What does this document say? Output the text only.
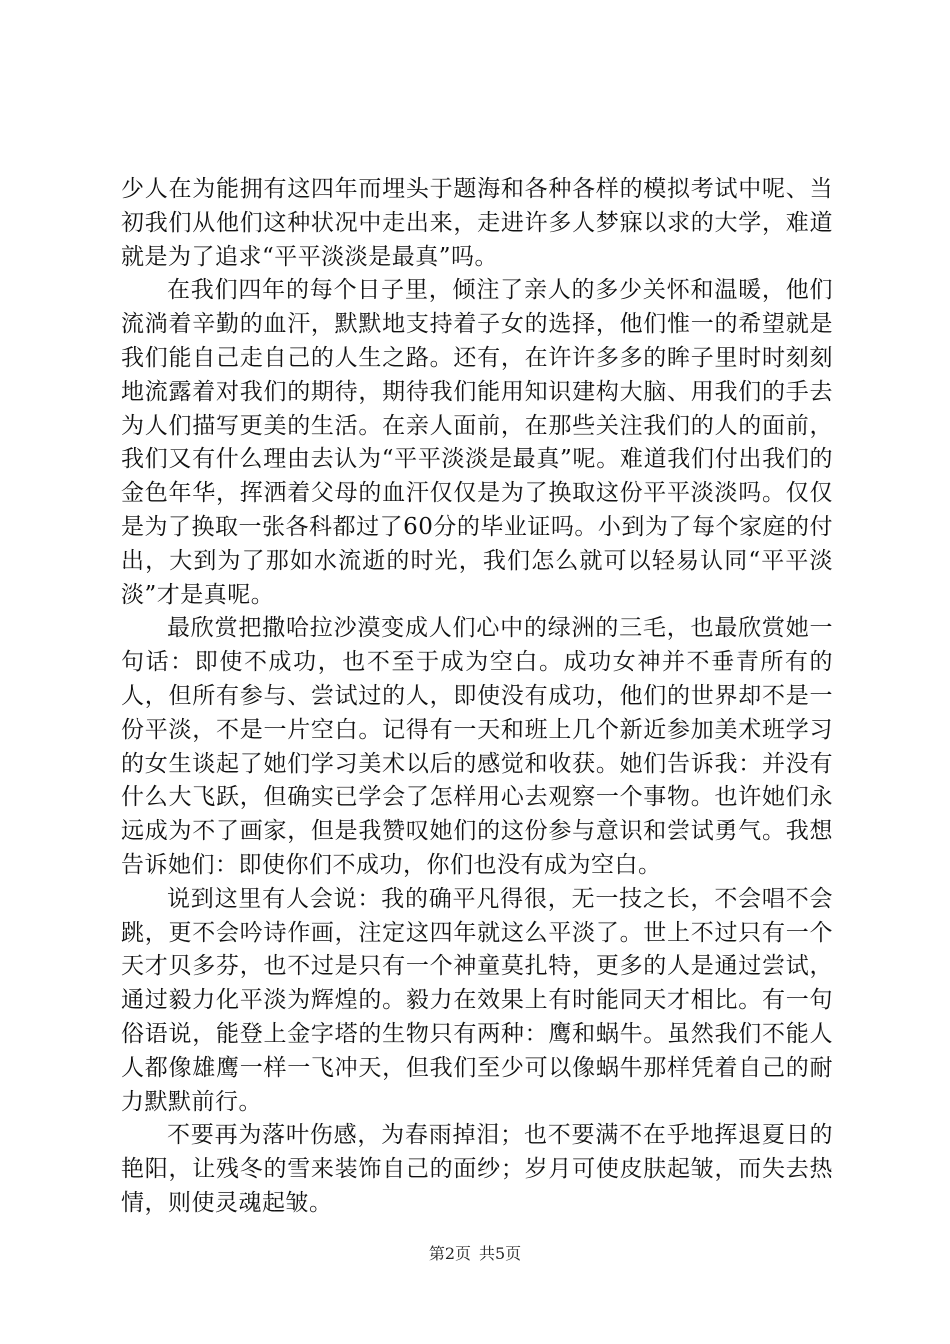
少人在为能拥有这四年而埋头于题海和各种各样的模拟考试中呢、当初我们从他们这种状况中走出来，走进许多人梦寐以求的大学，难道就是为了追求“平平淡淡是最真”吗。

在我们四年的每个日子里，倾注了亲人的多少关怀和温暖，他们流淌着辛勤的血汗，默默地支持着子女的选择，他们惟一的希望就是我们能自己走自己的人生之路。还有，在许许多多的眸子里时时刻刻地流露着对我们的期待，期待我们能用知识建构大脑、用我们的手去为人们描写更美的生活。在亲人面前，在那些关注我们的人的面前，我们又有什么理由去认为“平平淡淡是最真”呢。难道我们付出我们的金色年华，挥洒着父母的血汗仅仅是为了换取这份平平淡淡吗。仅仅是为了换取一张各科都过了60分的毕业证吗。小到为了每个家庭的付出，大到为了那如水流逝的时光，我们怎么就可以轻易认同“平平淡淡”才是真呢。

最欣赏把撒哈拉沙漠变成人们心中的绿洲的三毛，也最欣赏她一句话：即使不成功，也不至于成为空白。成功女神并不垂青所有的人，但所有参与、尝试过的人，即使没有成功，他们的世界却不是一份平淡，不是一片空白。记得有一天和班上几个新近参加美术班学习的女生谈起了她们学习美术以后的感觉和收获。她们告诉我：并没有什么大飞跃，但确实已学会了怎样用心去观察一个事物。也许她们永远成为不了画家，但是我赞叹她们的这份参与意识和尝试勇气。我想告诉她们：即使你们不成功，你们也没有成为空白。

说到这里有人会说：我的确平凡得很，无一技之长，不会唱不会跳，更不会吟诗作画，注定这四年就这么平淡了。世上不过只有一个天才贝多芬，也不过是只有一个神童莫扎特，更多的人是通过尝试，通过毅力化平淡为辉煌的。毅力在效果上有时能同天才相比。有一句俗语说，能登上金字塔的生物只有两种：鹰和蜗牛。虽然我们不能人人都像雄鹰一样一飞冲天，但我们至少可以像蜗牛那样凭着自己的耐力默默前行。

不要再为落叶伤感，为春雨掉泪；也不要满不在乎地挥退夏日的艳阳，让残冬的雪来装饰自己的面纱；岁月可使皮肤起皱，而失去热情，则使灵魂起皱。

第2页 共5页
